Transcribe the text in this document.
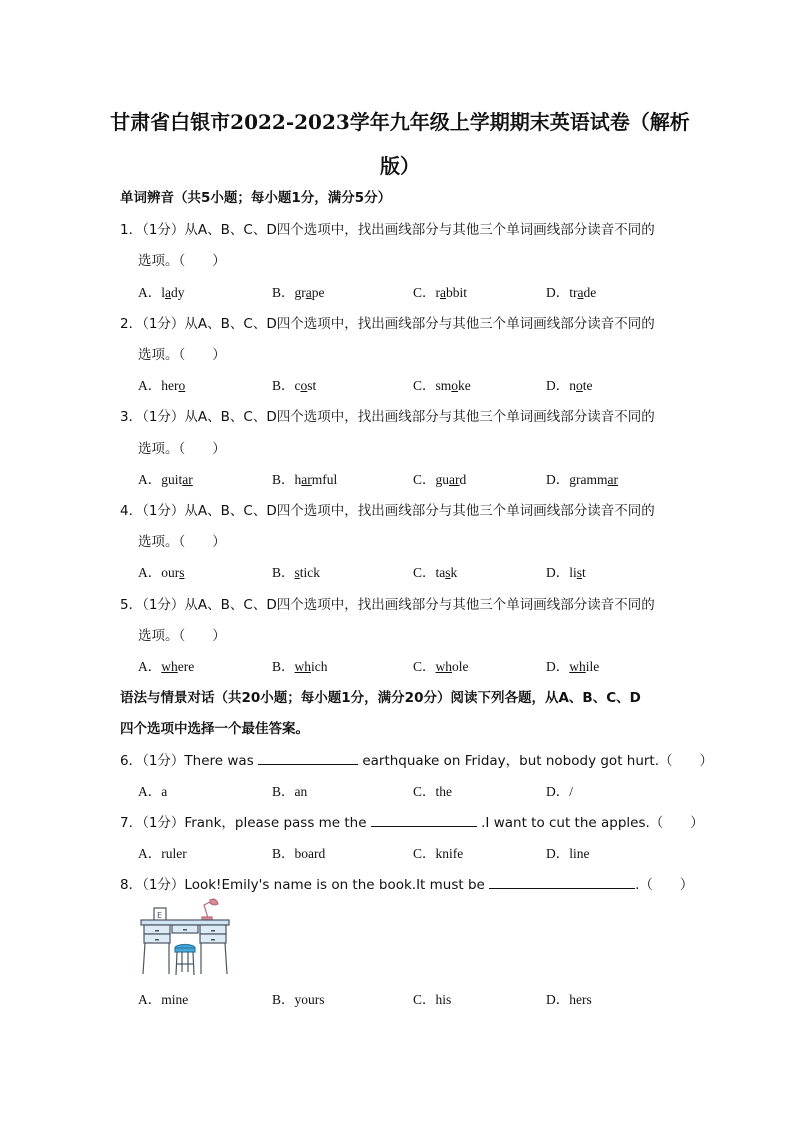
甘肃省白银市2022-2023学年九年级上学期期末英语试卷（解析
版）
单词辨音（共5小题；每小题1分，满分5分）
1．（1分）从A、B、C、D四个选项中，找出画线部分与其他三个单词画线部分读音不同的
选项。（　　）
A．lady	B．grape	C．rabbit	D．trade
2．（1分）从A、B、C、D四个选项中，找出画线部分与其他三个单词画线部分读音不同的
选项。（　　）
A．hero	B．cost	C．smoke	D．note
3．（1分）从A、B、C、D四个选项中，找出画线部分与其他三个单词画线部分读音不同的
选项。（　　）
A．guitar	B．harmful	C．guard	D．grammar
4．（1分）从A、B、C、D四个选项中，找出画线部分与其他三个单词画线部分读音不同的
选项。（　　）
A．ours	B．stick	C．task	D．list
5．（1分）从A、B、C、D四个选项中，找出画线部分与其他三个单词画线部分读音不同的
选项。（　　）
A．where	B．which	C．whole	D．while
语法与情景对话（共20小题；每小题1分，满分20分）阅读下列各题，从A、B、C、D
四个选项中选择一个最佳答案。
6．（1分）There was	earthquake on Friday，but nobody got hurt.（　　）
A．a	B．an	C．the	D．/
7．（1分）Frank，please pass me the	.I want to cut the apples.（　　）
A．ruler	B．board	C．knife	D．line
8．（1分）Look!Emily's name is on the book.It must be	.（　　）
E
A．mine	B．yours	C．his	D．hers
